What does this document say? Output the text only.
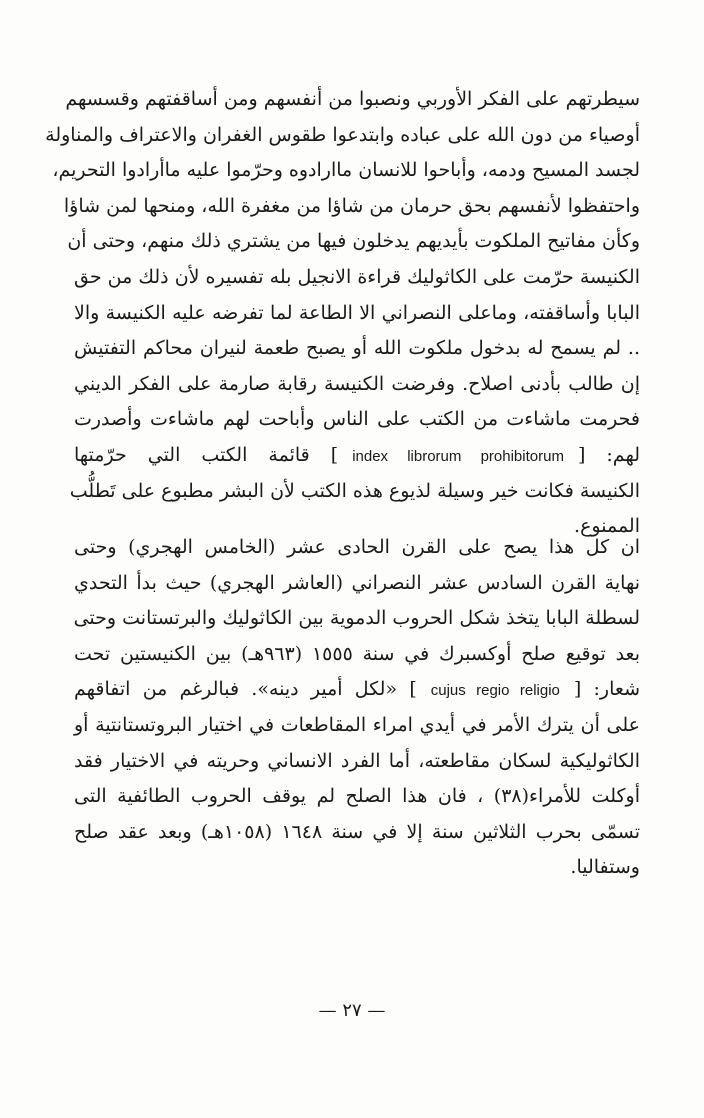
سيطرتهم على الفكر الأوربي ونصبوا من أنفسهم ومن أساقفتهم وقسسهم
أوصياء من دون الله على عباده وابتدعوا طقوس الغفران والاعتراف والمناولة
لجسد المسيح ودمه، وأباحوا للانسان ماارادوه وحرّموا عليه ماأرادوا التحريم،
واحتفظوا لأنفسهم بحق حرمان من شاؤا من مغفرة الله، ومنحها لمن شاؤا
وكأن مفاتيح الملكوت بأيديهم يدخلون فيها من يشتري ذلك منهم، وحتى أن
الكنيسة حرّمت على الكاثوليك قراءة الانجيل بله تفسيره لأن ذلك من حق
البابا وأساقفته، وماعلى النصراني الا الطاعة لما تفرضه عليه الكنيسة والا
.. لم يسمح له بدخول ملكوت الله أو يصبح طعمة لنيران محاكم التفتيش
إن طالب بأدنى اصلاح. وفرضت الكنيسة رقابة صارمة على الفكر الديني
فحرمت ماشاءت من الكتب على الناس وأباحت لهم ماشاءت وأصدرت
لهم: [index librorum prohibitorum] قائمة الكتب التي حرّمتها
الكنيسة فكانت خير وسيلة لذيوع هذه الكتب لأن البشر مطبوع على تَطلُّب
الممنوع.
ان كل هذا يصح على القرن الحادى عشر (الخامس الهجري) وحتى
نهاية القرن السادس عشر النصراني (العاشر الهجري) حيث بدأ التحدي
لسطلة البابا يتخذ شكل الحروب الدموية بين الكاثوليك والبرتستانت وحتى
بعد توقيع صلح أوكسبرك في سنة ١٥٥٥ (٩٦٣هـ) بين الكنيستين تحت
شعار: [cujus regio religio] «لكل أمير دينه». فبالرغم من اتفاقهم
على أن يترك الأمر في أيدي امراء المقاطعات في اختيار البروتستانتية أو
الكاثوليكية لسكان مقاطعته، أما الفرد الانساني وحريته في الاختيار فقد
أوكلت للأمراء(٣٨) ، فان هذا الصلح لم يوقف الحروب الطائفية التى
تسمّى بحرب الثلاثين سنة إلا في سنة ١٦٤٨ (١٠٥٨هـ) وبعد عقد صلح
وستفاليا.
— ٢٧ —
